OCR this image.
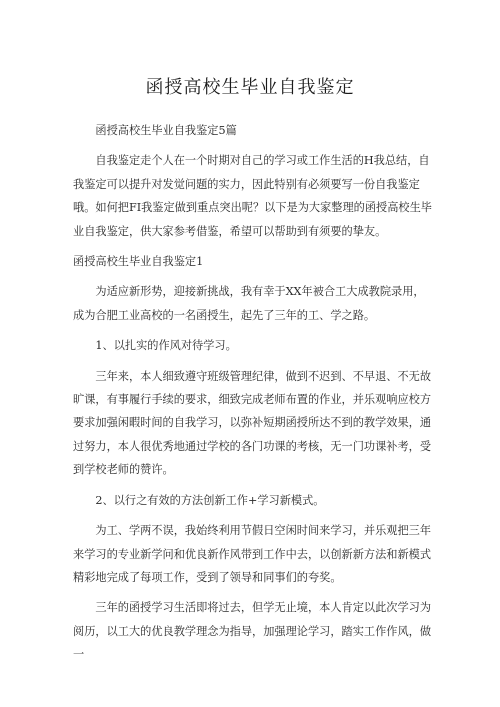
函授高校生毕业自我鉴定

函授高校生毕业自我鉴定5篇

自我鉴定走个人在一个时期对自己的学习或工作生活的H我总结，自我鉴定可以提升对发觉问题的实力，因此特别有必须要写一份自我鉴定哦。如何把FI我鉴定做到重点突出呢？以下是为大家整理的函授高校生毕业自我鉴定，供大家参考借鉴，希望可以帮助到有须要的挚友。

函授高校生毕业自我鉴定1

为适应新形势，迎接新挑战，我有幸于XX年被合工大成教院录用，成为合肥工业高校的一名函授生，起先了三年的工、学之路。

1、以扎实的作风对待学习。

三年来，本人细致遵守班级管理纪律，做到不迟到、不早退、不无故旷课，有事履行手续的要求，细致完成老师布置的作业，并乐观响应校方要求加强闲暇时间的自我学习，以弥补短期函授所达不到的教学效果，通过努力，本人很优秀地通过学校的各门功课的考核，无一门功课补考，受到学校老师的赞许。

2、以行之有效的方法创新工作+学习新模式。

为工、学两不误，我始终利用节假日空闲时间来学习，并乐观把三年来学习的专业新学问和优良新作风带到工作中去，以创新新方法和新模式精彩地完成了每项工作，受到了领导和同事们的夸奖。

三年的函授学习生活即将过去，但学无止境，本人肯定以此次学习为阅历，以工大的优良教学理念为指导，加强理论学习，踏实工作作风，做一
